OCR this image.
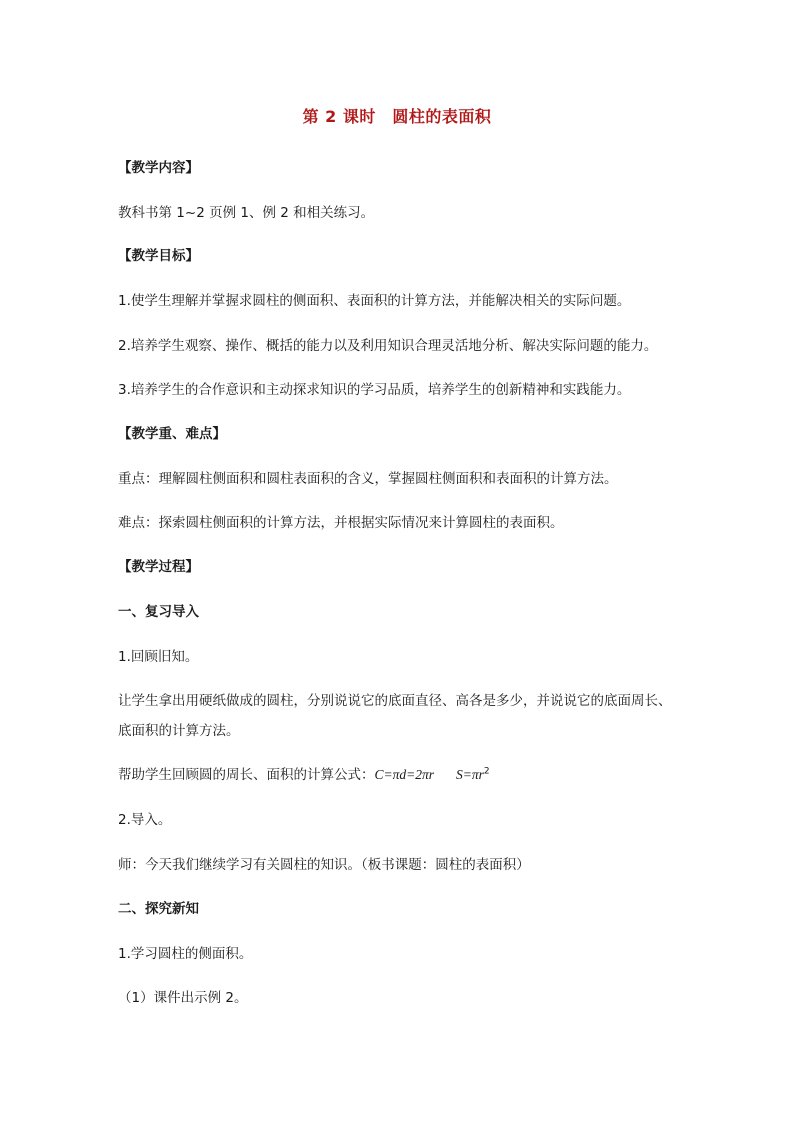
第 2 课时　圆柱的表面积
【教学内容】
教科书第 1~2 页例 1、例 2 和相关练习。
【教学目标】
1.使学生理解并掌握求圆柱的侧面积、表面积的计算方法，并能解决相关的实际问题。
2.培养学生观察、操作、概括的能力以及利用知识合理灵活地分析、解决实际问题的能力。
3.培养学生的合作意识和主动探求知识的学习品质，培养学生的创新精神和实践能力。
【教学重、难点】
重点：理解圆柱侧面积和圆柱表面积的含义，掌握圆柱侧面积和表面积的计算方法。
难点：探索圆柱侧面积的计算方法，并根据实际情况来计算圆柱的表面积。
【教学过程】
一、复习导入
1.回顾旧知。
让学生拿出用硬纸做成的圆柱，分别说说它的底面直径、高各是多少，并说说它的底面周长、
底面积的计算方法。
帮助学生回顾圆的周长、面积的计算公式：C=πd=2πr $S=\pi r^2$
2.导入。
师：今天我们继续学习有关圆柱的知识。（板书课题：圆柱的表面积）
二、探究新知
1.学习圆柱的侧面积。
（1）课件出示例 2。
